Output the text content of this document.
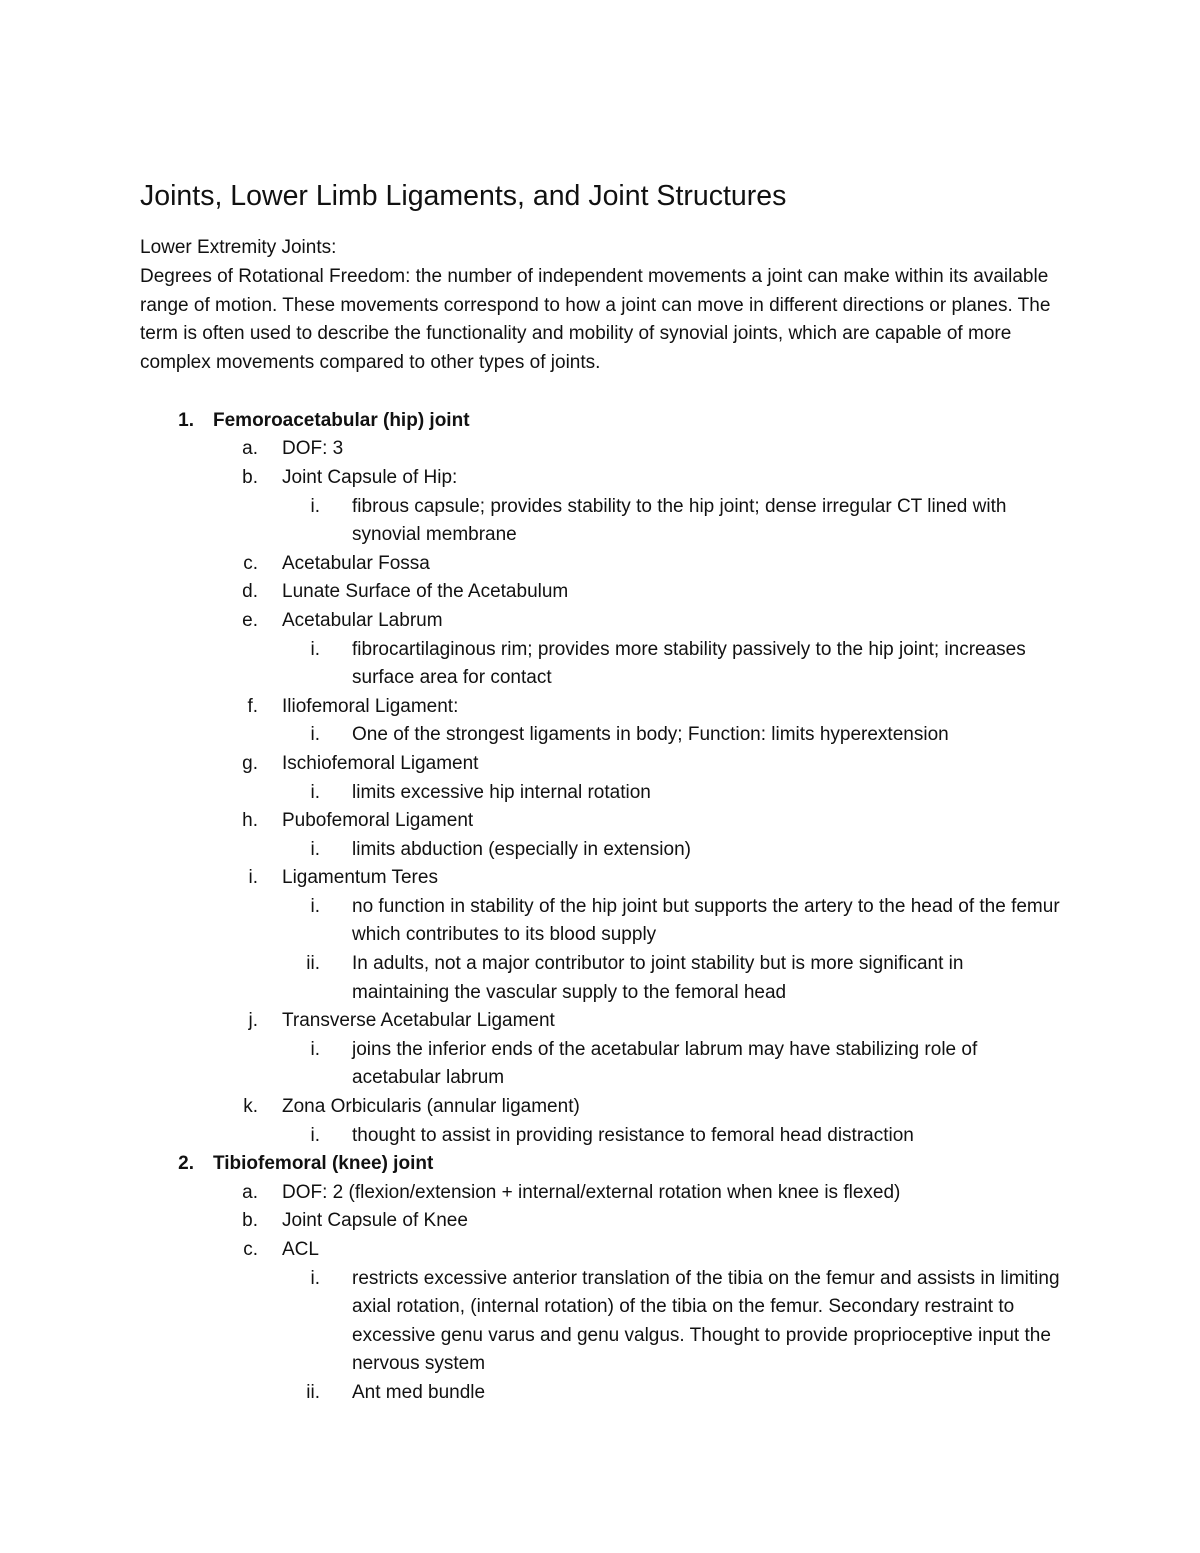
Joints, Lower Limb Ligaments, and Joint Structures

Lower Extremity Joints:

Degrees of Rotational Freedom: the number of independent movements a joint can make within its available range of motion. These movements correspond to how a joint can move in different directions or planes. The term is often used to describe the functionality and mobility of synovial joints, which are capable of more complex movements compared to other types of joints.

1. Femoroacetabular (hip) joint
a. DOF: 3
b. Joint Capsule of Hip:
i. fibrous capsule; provides stability to the hip joint; dense irregular CT lined with synovial membrane
c. Acetabular Fossa
d. Lunate Surface of the Acetabulum
e. Acetabular Labrum
i. fibrocartilaginous rim; provides more stability passively to the hip joint; increases surface area for contact
f. Iliofemoral Ligament:
i. One of the strongest ligaments in body; Function: limits hyperextension
g. Ischiofemoral Ligament
i. limits excessive hip internal rotation
h. Pubofemoral Ligament
i. limits abduction (especially in extension)
i. Ligamentum Teres
i. no function in stability of the hip joint but supports the artery to the head of the femur which contributes to its blood supply
ii. In adults, not a major contributor to joint stability but is more significant in maintaining the vascular supply to the femoral head
j. Transverse Acetabular Ligament
i. joins the inferior ends of the acetabular labrum may have stabilizing role of acetabular labrum
k. Zona Orbicularis (annular ligament)
i. thought to assist in providing resistance to femoral head distraction
2. Tibiofemoral (knee) joint
a. DOF: 2 (flexion/extension + internal/external rotation when knee is flexed)
b. Joint Capsule of Knee
c. ACL
i. restricts excessive anterior translation of the tibia on the femur and assists in limiting axial rotation, (internal rotation) of the tibia on the femur. Secondary restraint to excessive genu varus and genu valgus. Thought to provide proprioceptive input the nervous system
ii. Ant med bundle
